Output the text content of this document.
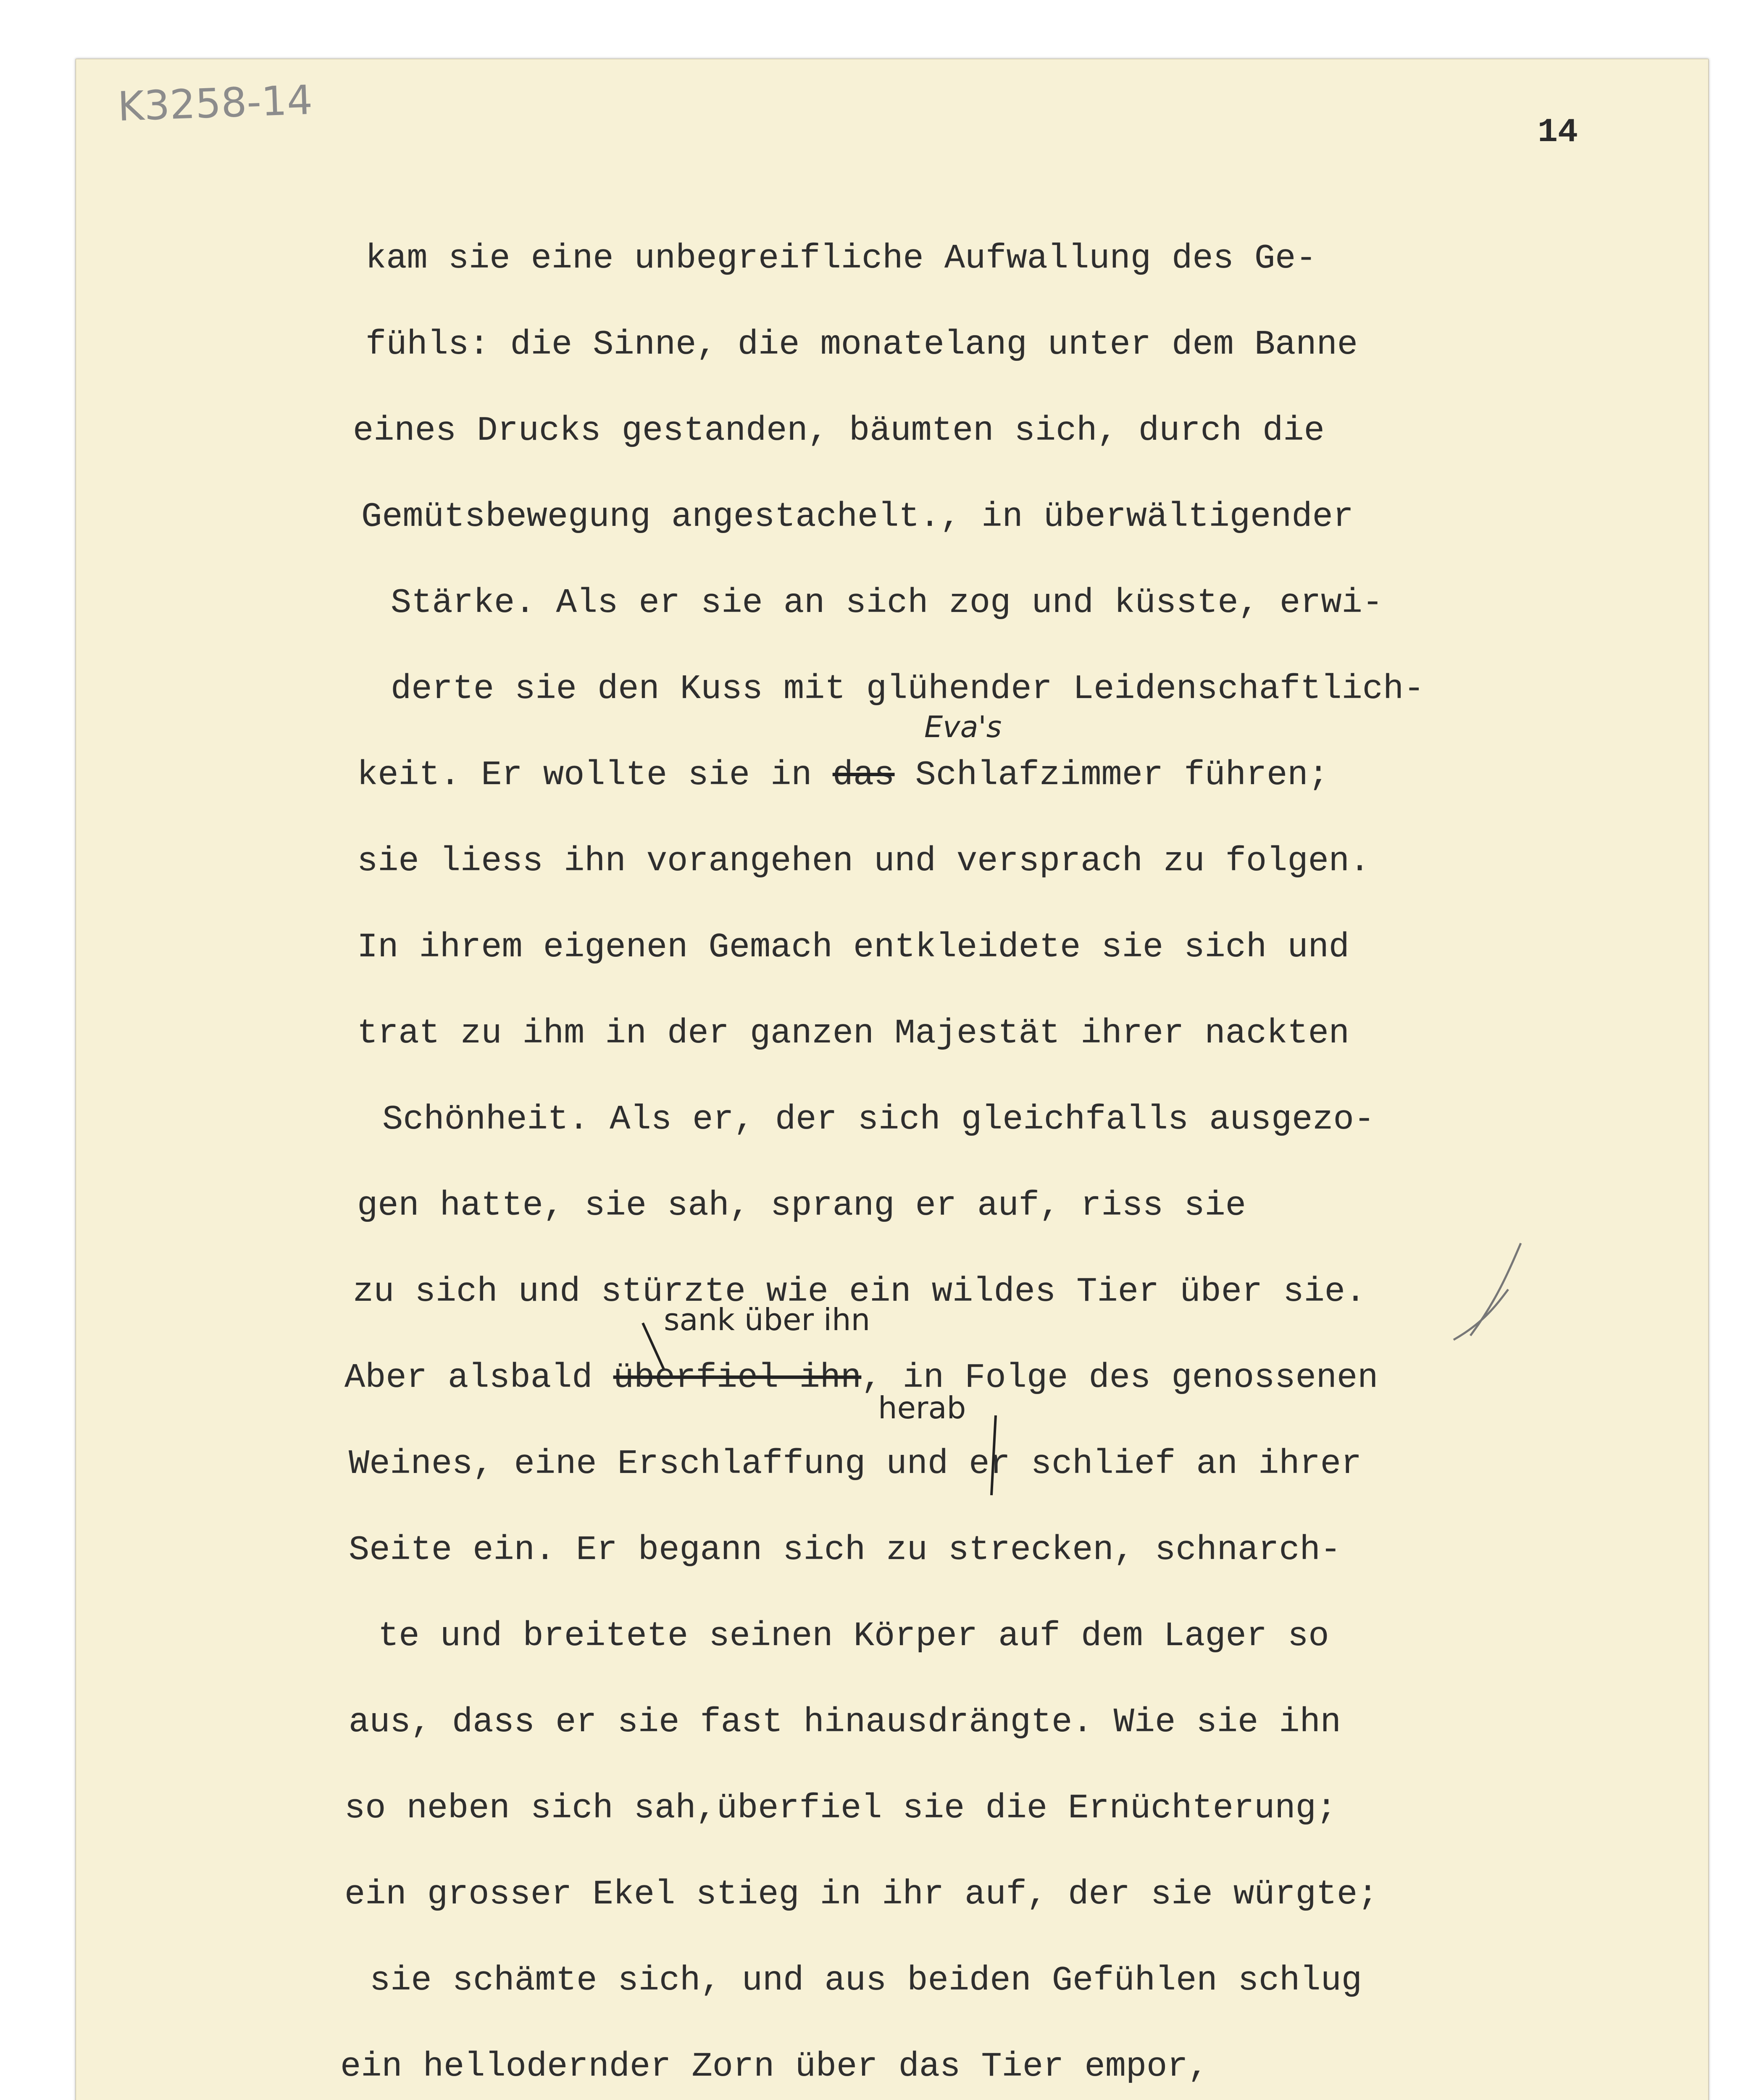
K3258-14
14
Eva's
sank über ihn
herab
kam sie eine unbegreifliche Aufwallung des Ge-
fühls: die Sinne, die monatelang unter dem Banne
eines Drucks gestanden, bäumten sich, durch die
Gemütsbewegung angestachelt., in überwältigender
Stärke. Als er sie an sich zog und küsste, erwi-
derte sie den Kuss mit glühender Leidenschaftlich-
keit. Er wollte sie in das Schlafzimmer führen;
sie liess ihn vorangehen und versprach zu folgen.
In ihrem eigenen Gemach entkleidete sie sich und
trat zu ihm in der ganzen Majestät ihrer nackten
Schönheit. Als er, der sich gleichfalls ausgezo-
gen hatte, sie sah, sprang er auf, riss sie
zu sich und stürzte wie ein wildes Tier über sie.
Aber alsbald überfiel ihn, in Folge des genossenen
Weines, eine Erschlaffung und er schlief an ihrer
Seite ein. Er begann sich zu strecken, schnarch-
te und breitete seinen Körper auf dem Lager so
aus, dass er sie fast hinausdrängte. Wie sie ihn
so neben sich sah,überfiel sie die Ernüchterung;
ein grosser Ekel stieg in ihr auf, der sie würgte;
sie schämte sich, und aus beiden Gefühlen schlug
ein hellodernder Zorn über das Tier empor,
